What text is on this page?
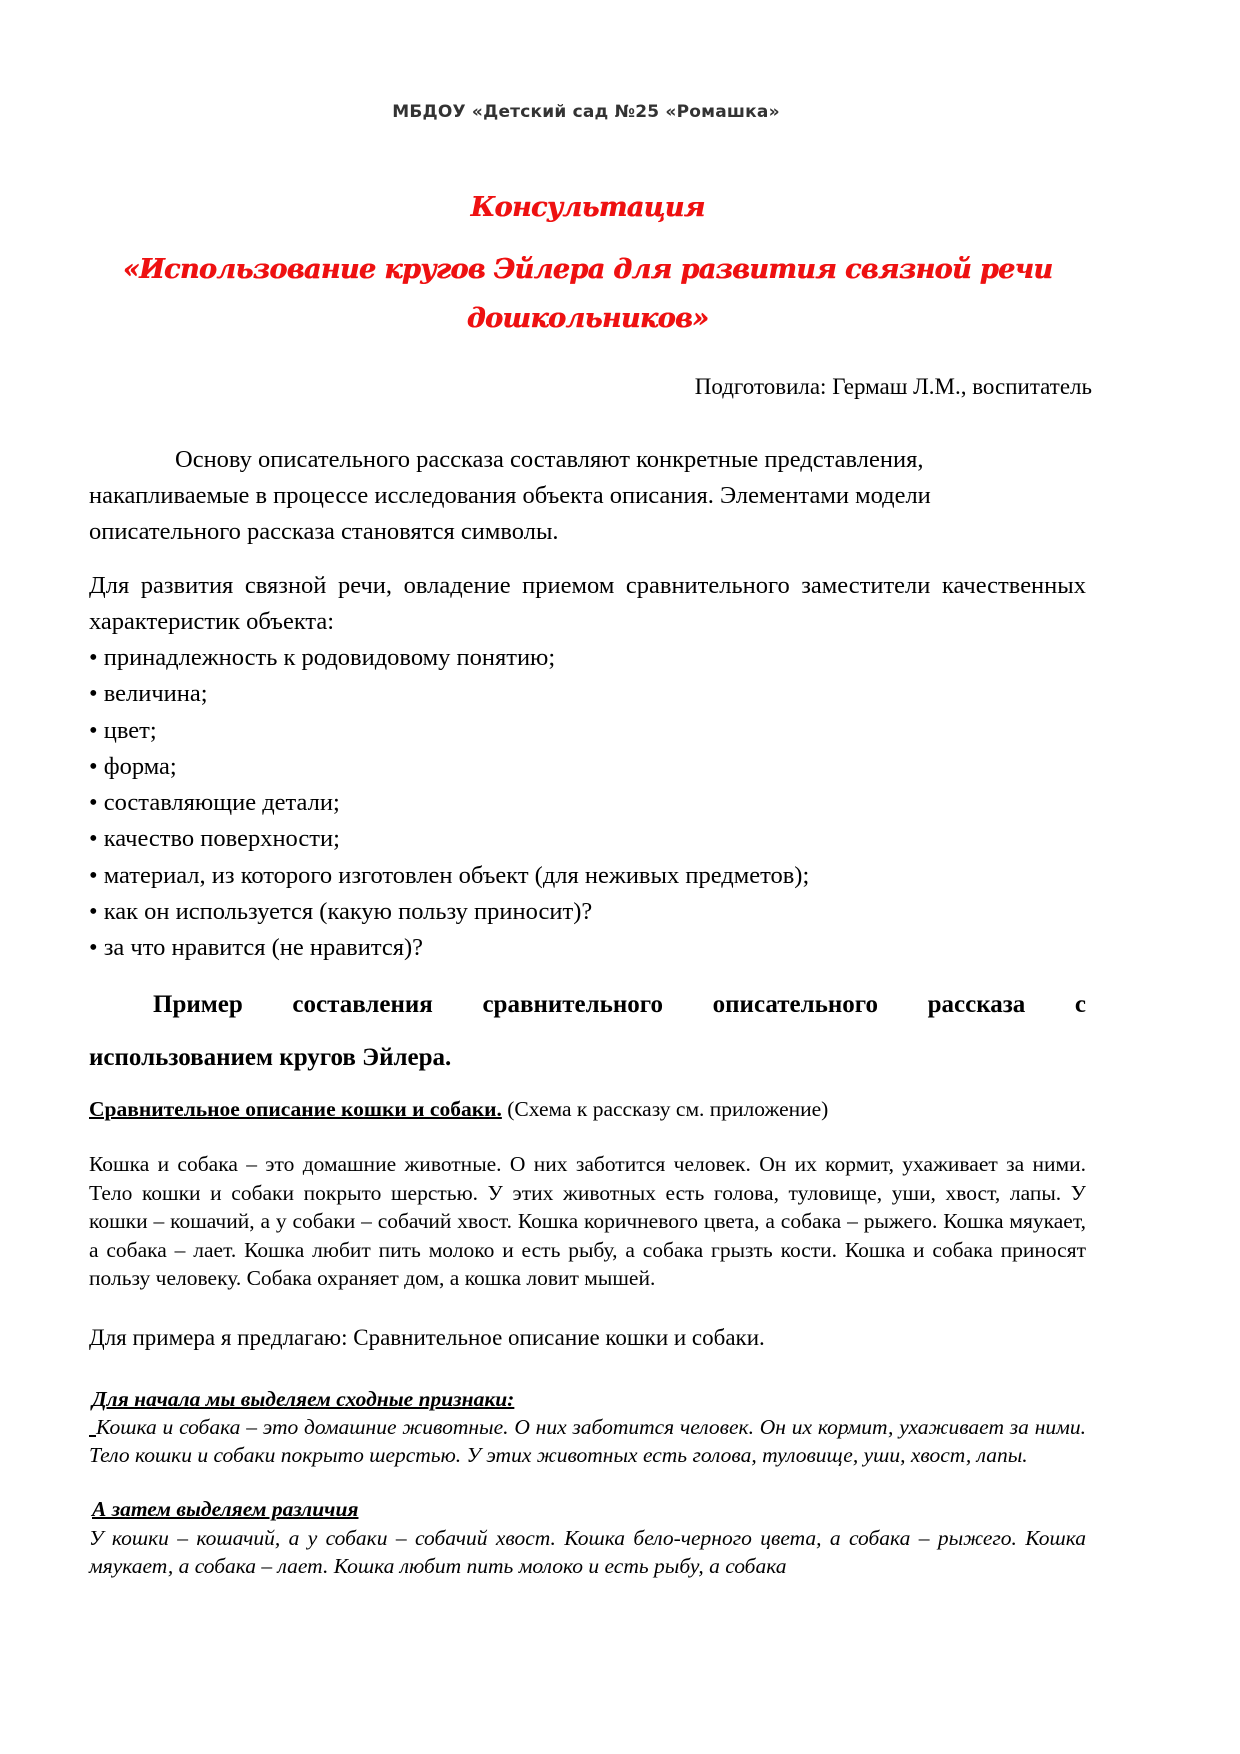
МБДОУ «Детский сад №25 «Ромашка»
Консультация
«Использование кругов Эйлера для развития связной речи
дошкольников»
Подготовила: Гермаш Л.М., воспитатель
Основу описательного рассказа составляют конкретные представления, накапливаемые в процессе исследования объекта описания. Элементами модели описательного рассказа становятся символы.
Для развития связной речи, овладение приемом сравнительного заместители качественных характеристик объекта:
• принадлежность к родовидовому понятию;
• величина;
• цвет;
• форма;
• составляющие детали;
• качество поверхности;
• материал, из которого изготовлен объект (для неживых предметов);
• как он используется (какую пользу приносит)?
• за что нравится (не нравится)?
Пример составления сравнительного описательного рассказа с
использованием кругов Эйлера.
Сравнительное описание кошки и собаки. (Схема к рассказу см. приложение)
Кошка и собака – это домашние животные. О них заботится человек. Он их кормит, ухаживает за ними. Тело кошки и собаки покрыто шерстью. У этих животных есть голова, туловище, уши, хвост, лапы. У кошки – кошачий, а у собаки – собачий хвост. Кошка коричневого цвета, а собака – рыжего. Кошка мяукает, а собака – лает. Кошка любит пить молоко и есть рыбу, а собака грызть кости. Кошка и собака приносят пользу человеку. Собака охраняет дом, а кошка ловит мышей.
Для примера я предлагаю: Сравнительное описание кошки и собаки.
Для начала мы выделяем сходные признаки:
Кошка и собака – это домашние животные. О них заботится человек. Он их кормит, ухаживает за ними. Тело кошки и собаки покрыто шерстью. У этих животных есть голова, туловище, уши, хвост, лапы.
А затем выделяем различия
У кошки – кошачий, а у собаки – собачий хвост. Кошка бело-черного цвета, а собака – рыжего. Кошка мяукает, а собака – лает. Кошка любит пить молоко и есть рыбу, а собака
